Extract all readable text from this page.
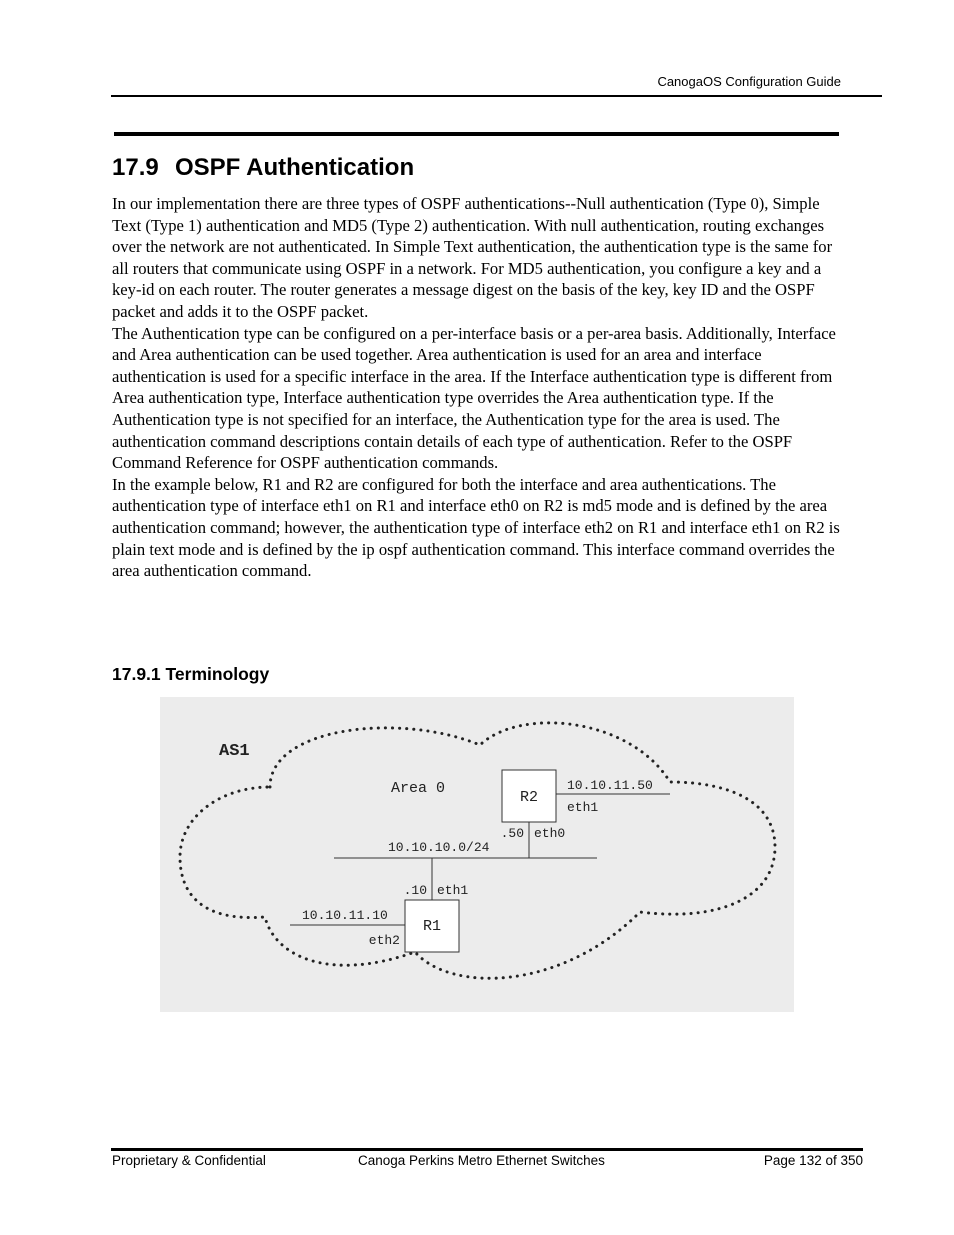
CanogaOS Configuration Guide
17.9 OSPF Authentication

In our implementation there are three types of OSPF authentications--Null authentication (Type 0), Simple Text (Type 1) authentication and MD5 (Type 2) authentication. With null authentication, routing exchanges over the network are not authenticated. In Simple Text authentication, the authentication type is the same for all routers that communicate using OSPF in a network. For MD5 authentication, you configure a key and a key-id on each router. The router generates a message digest on the basis of the key, key ID and the OSPF packet and adds it to the OSPF packet.

The Authentication type can be configured on a per-interface basis or a per-area basis. Additionally, Interface and Area authentication can be used together. Area authentication is used for an area and interface authentication is used for a specific interface in the area. If the Interface authentication type is different from Area authentication type, Interface authentication type overrides the Area authentication type. If the Authentication type is not specified for an interface, the Authentication type for the area is used. The authentication command descriptions contain details of each type of authentication. Refer to the OSPF Command Reference for OSPF authentication commands.

In the example below, R1 and R2 are configured for both the interface and area authentications. The authentication type of interface eth1 on R1 and interface eth0 on R2 is md5 mode and is defined by the area authentication command; however, the authentication type of interface eth2 on R1 and interface eth1 on R2 is plain text mode and is defined by the ip ospf authentication command. This interface command overrides the area authentication command.

17.9.1 Terminology
AS1
Area 0
R2
10.10.11.50
eth1
.50 eth0
10.10.10.0/24
.10 eth1
R1
10.10.11.10
eth2
Proprietary & Confidential	Canoga Perkins Metro Ethernet Switches	Page 132 of 350
